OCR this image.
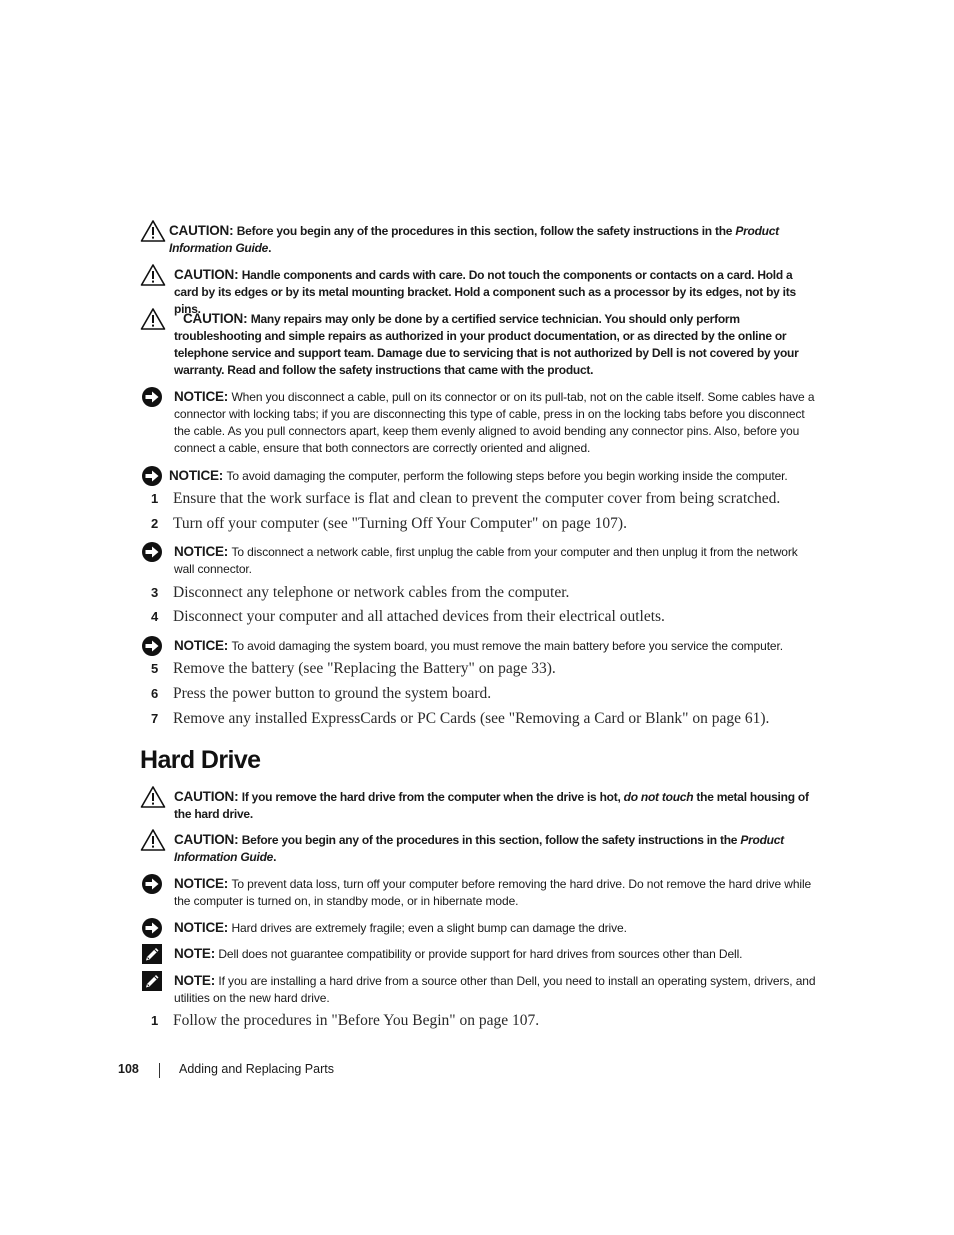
CAUTION: Before you begin any of the procedures in this section, follow the safety instructions in the Product Information Guide.
CAUTION: Handle components and cards with care. Do not touch the components or contacts on a card. Hold a card by its edges or by its metal mounting bracket. Hold a component such as a processor by its edges, not by its pins.
CAUTION: Many repairs may only be done by a certified service technician. You should only perform troubleshooting and simple repairs as authorized in your product documentation, or as directed by the online or telephone service and support team. Damage due to servicing that is not authorized by Dell is not covered by your warranty. Read and follow the safety instructions that came with the product.
NOTICE: When you disconnect a cable, pull on its connector or on its pull-tab, not on the cable itself. Some cables have a connector with locking tabs; if you are disconnecting this type of cable, press in on the locking tabs before you disconnect the cable. As you pull connectors apart, keep them evenly aligned to avoid bending any connector pins. Also, before you connect a cable, ensure that both connectors are correctly oriented and aligned.
NOTICE: To avoid damaging the computer, perform the following steps before you begin working inside the computer.
1 Ensure that the work surface is flat and clean to prevent the computer cover from being scratched.
2 Turn off your computer (see "Turning Off Your Computer" on page 107).
NOTICE: To disconnect a network cable, first unplug the cable from your computer and then unplug it from the network wall connector.
3 Disconnect any telephone or network cables from the computer.
4 Disconnect your computer and all attached devices from their electrical outlets.
NOTICE: To avoid damaging the system board, you must remove the main battery before you service the computer.
5 Remove the battery (see "Replacing the Battery" on page 33).
6 Press the power button to ground the system board.
7 Remove any installed ExpressCards or PC Cards (see "Removing a Card or Blank" on page 61).
Hard Drive
CAUTION: If you remove the hard drive from the computer when the drive is hot, do not touch the metal housing of the hard drive.
CAUTION: Before you begin any of the procedures in this section, follow the safety instructions in the Product Information Guide.
NOTICE: To prevent data loss, turn off your computer before removing the hard drive. Do not remove the hard drive while the computer is turned on, in standby mode, or in hibernate mode.
NOTICE: Hard drives are extremely fragile; even a slight bump can damage the drive.
NOTE: Dell does not guarantee compatibility or provide support for hard drives from sources other than Dell.
NOTE: If you are installing a hard drive from a source other than Dell, you need to install an operating system, drivers, and utilities on the new hard drive.
1 Follow the procedures in "Before You Begin" on page 107.
108	Adding and Replacing Parts
